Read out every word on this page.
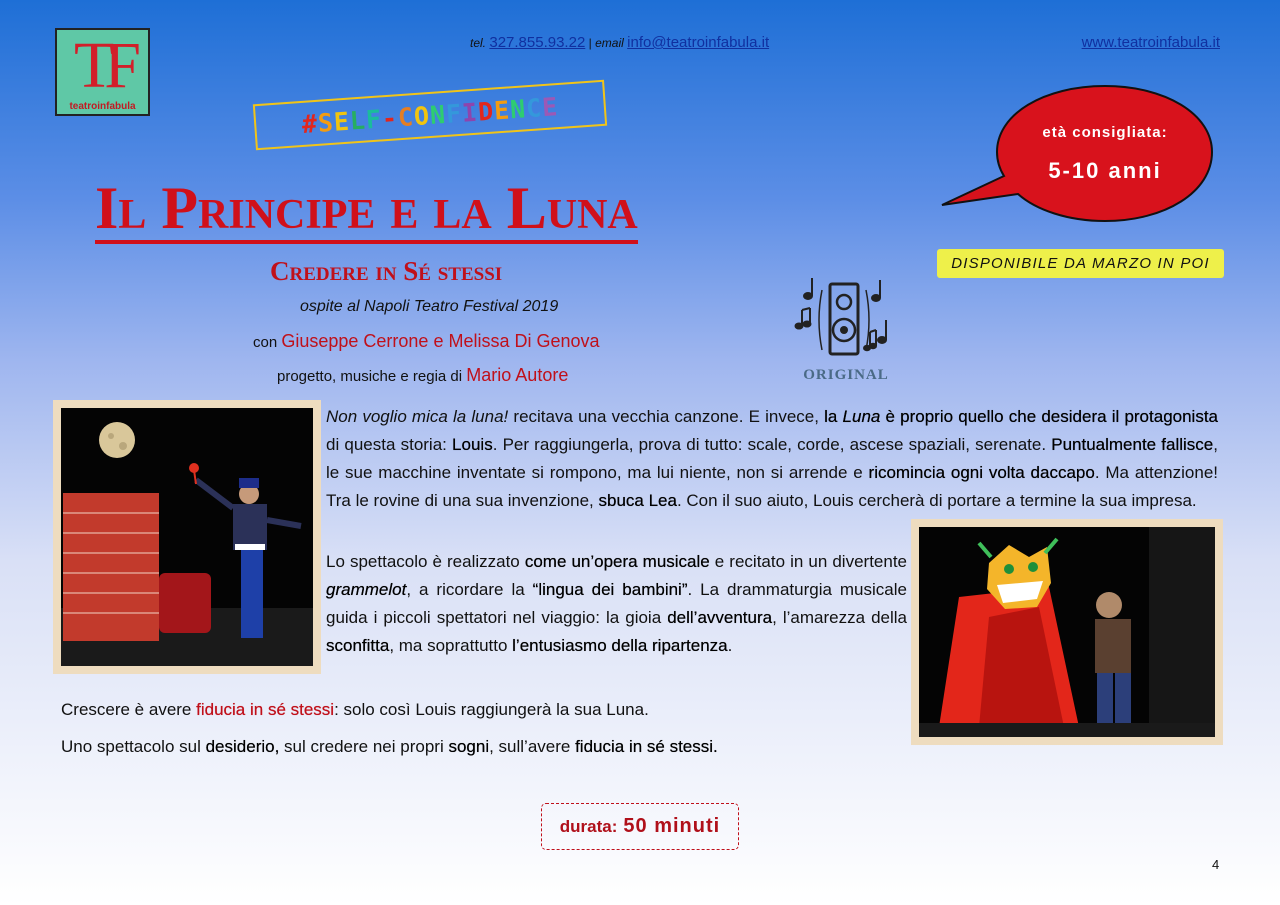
TF
teatroinfabula
tel. 327.855.93.22 | email info@teatroinfabula.it	www.teatroinfabula.it
#
S
E
L
F
-
C
O
N
F
I
D
E
N
C
E
Il Principe e la Luna
Credere in Sé stessi
ospite al Napoli Teatro Festival 2019
con Giuseppe Cerrone e Melissa Di Genova
progetto, musiche e regia di Mario Autore
età consigliata:
5-10 anni
DISPONIBILE DA MARZO IN POI
ORIGINAL
Non voglio mica la luna! recitava una vecchia canzone. E invece, la Luna è proprio quello che desidera il protagonista di questa storia: Louis. Per raggiungerla, prova di tutto: scale, corde, ascese spaziali, serenate. Puntualmente fallisce, le sue macchine inventate si rompono, ma lui niente, non si arrende e ricomincia ogni volta daccapo. Ma attenzione! Tra le rovine di una sua invenzione, sbuca Lea. Con il suo aiuto, Louis cercherà di portare a termine la sua impresa.
Lo spettacolo è realizzato come un’opera musicale e recitato in un divertente grammelot, a ricordare la “lingua dei bambini”. La drammaturgia musicale guida i piccoli spettatori nel viaggio: la gioia dell’avventura, l’amarezza della sconfitta, ma soprattutto l’entusiasmo della ripartenza.
Crescere è avere fiducia in sé stessi: solo così Louis raggiungerà la sua Luna.
Uno spettacolo sul desiderio, sul credere nei propri sogni, sull’avere fiducia in sé stessi.
durata: 50 minuti
4
